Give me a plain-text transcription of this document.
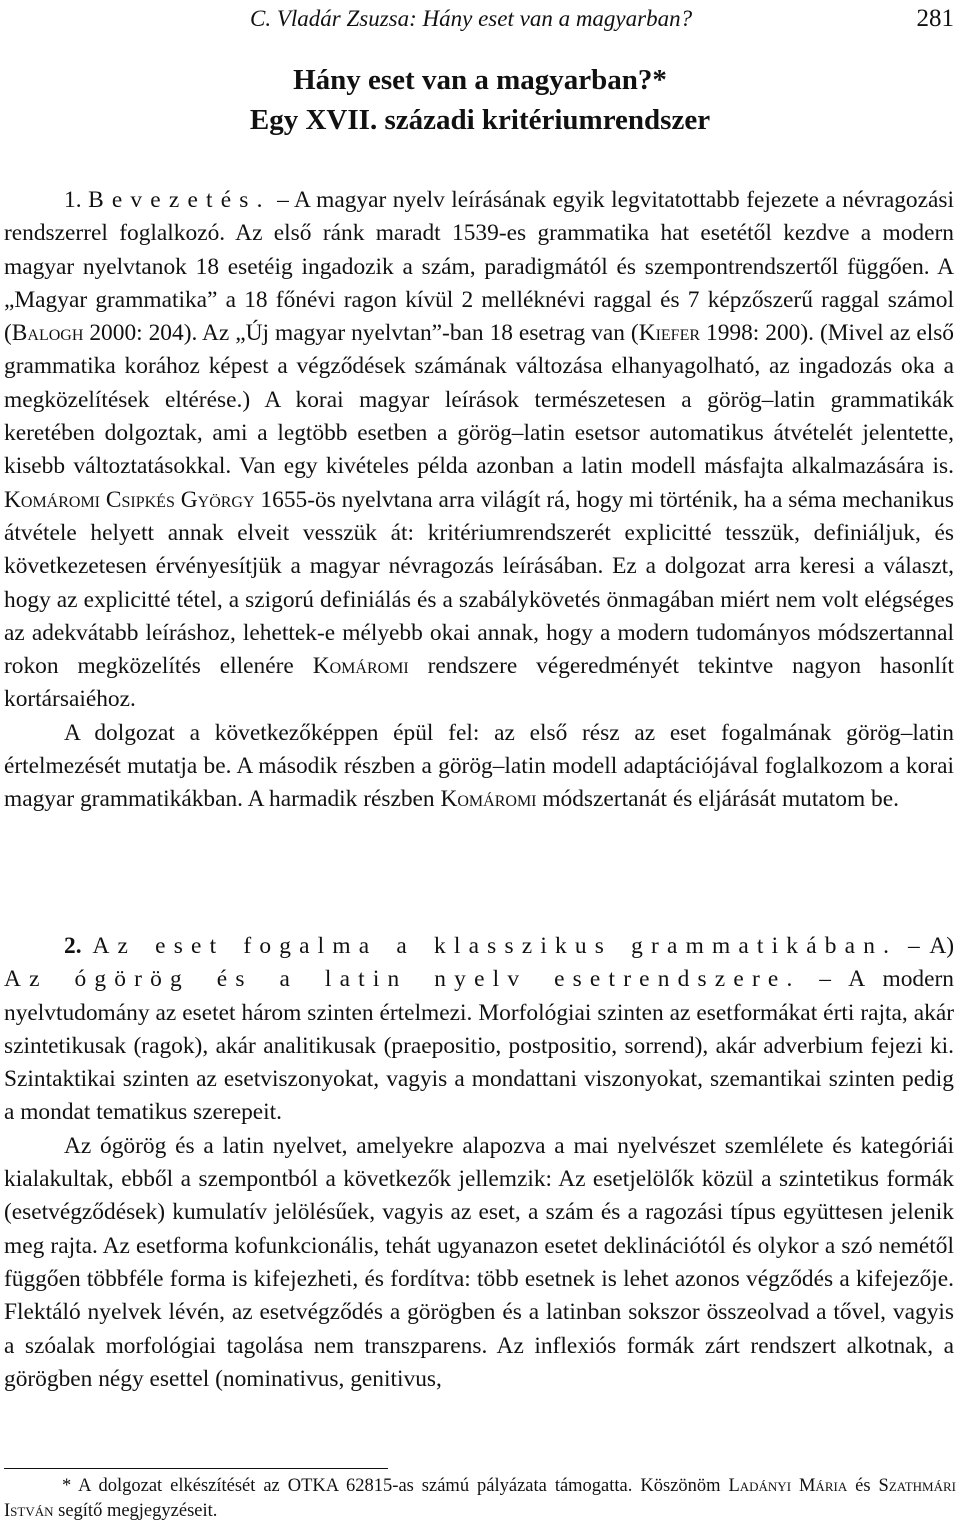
C. Vladár Zsuzsa: Hány eset van a magyarban?	281
Hány eset van a magyarban?*
Egy XVII. századi kritériumrendszer

1. Bevezetés. – A magyar nyelv leírásának egyik legvitatottabb fejezete a névragozási rendszerrel foglalkozó. Az első ránk maradt 1539-es grammatika hat esetétől kezdve a modern magyar nyelvtanok 18 esetéig ingadozik a szám, paradigmától és szempontrendszertől függően. A „Magyar grammatika” a 18 főnévi ragon kívül 2 melléknévi raggal és 7 képzőszerű raggal számol (Balogh 2000: 204). Az „Új magyar nyelvtan”-ban 18 esetrag van (Kiefer 1998: 200). (Mivel az első grammatika korához képest a végződések számának változása elhanyagolható, az ingadozás oka a megközelítések eltérése.) A korai magyar leírások természetesen a görög–latin grammatikák keretében dolgoztak, ami a legtöbb esetben a görög–latin esetsor automatikus átvételét jelentette, kisebb változtatásokkal. Van egy kivételes példa azonban a latin modell másfajta alkalmazására is. Komáromi Csipkés György 1655-ös nyelvtana arra világít rá, hogy mi történik, ha a séma mechanikus átvétele helyett annak elveit vesszük át: kritériumrendszerét explicitté tesszük, definiáljuk, és következetesen érvényesítjük a magyar névragozás leírásában. Ez a dolgozat arra keresi a választ, hogy az explicitté tétel, a szigorú definiálás és a szabálykövetés önmagában miért nem volt elégséges az adekvátabb leíráshoz, lehettek-e mélyebb okai annak, hogy a modern tudományos módszertannal rokon megközelítés ellenére Komáromi rendszere végeredményét tekintve nagyon hasonlít kortársaiéhoz.

A dolgozat a következőképpen épül fel: az első rész az eset fogalmának görög–latin értelmezését mutatja be. A második részben a görög–latin modell adaptációjával foglalkozom a korai magyar grammatikákban. A harmadik részben Komáromi módszertanát és eljárását mutatom be.

2. Az eset fogalma a klasszikus grammatikában. – A) Az ógörög és a latin nyelv esetrendszere. – A modern nyelvtudomány az esetet három szinten értelmezi. Morfológiai szinten az esetformákat érti rajta, akár szintetikusak (ragok), akár analitikusak (praepositio, postpositio, sorrend), akár adverbium fejezi ki. Szintaktikai szinten az esetviszonyokat, vagyis a mondattani viszonyokat, szemantikai szinten pedig a mondat tematikus szerepeit.

Az ógörög és a latin nyelvet, amelyekre alapozva a mai nyelvészet szemlélete és kategóriái kialakultak, ebből a szempontból a következők jellemzik: Az esetjelölők közül a szintetikus formák (esetvégződések) kumulatív jelölésűek, vagyis az eset, a szám és a ragozási típus együttesen jelenik meg rajta. Az esetforma kofunkcionális, tehát ugyanazon esetet deklinációtól és olykor a szó nemétől függően többféle forma is kifejezheti, és fordítva: több esetnek is lehet azonos végződés a kifejezője. Flektáló nyelvek lévén, az esetvégződés a görögben és a latinban sokszor összeolvad a tővel, vagyis a szóalak morfológiai tagolása nem transzparens. Az inflexiós formák zárt rendszert alkotnak, a görögben négy esettel (nominativus, genitivus,

* A dolgozat elkészítését az OTKA 62815-as számú pályázata támogatta. Köszönöm Ladányi Mária és Szathmári István segítő megjegyzéseit.
